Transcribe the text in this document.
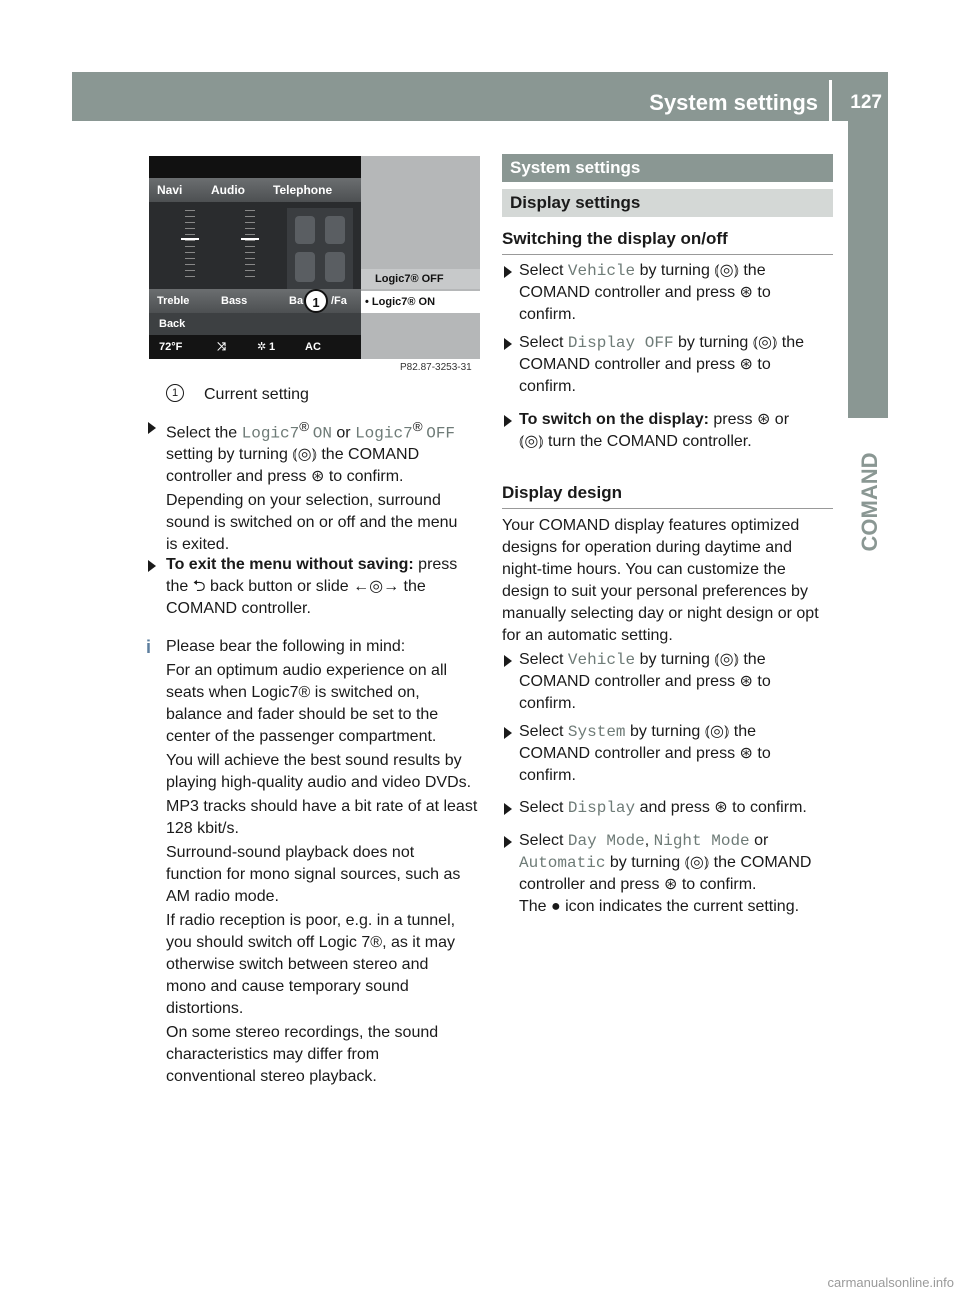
System settings 127
COMAND
Navi Audio Telephone
Logic7® OFF
• Logic7® ON
Treble	Bass	Ba	/Fa
Back
72°F	⤨	✲ 1	AC
1
P82.87-3253-31
1	Current setting
Select the Logic7® ON or Logic7® OFF
setting by turning ⦅◎⦆ the COMAND
controller and press ⊛ to confirm.
Depending on your selection, surround
sound is switched on or off and the menu
is exited.
To exit the menu without saving: press
the ⮌ back button or slide ←◎→ the
COMAND controller.
i Please bear the following in mind:
For an optimum audio experience on all
seats when Logic7® is switched on,
balance and fader should be set to the
center of the passenger compartment.
You will achieve the best sound results by
playing high-quality audio and video DVDs.
MP3 tracks should have a bit rate of at least
128 kbit/s.
Surround-sound playback does not
function for mono signal sources, such as
AM radio mode.
If radio reception is poor, e.g. in a tunnel,
you should switch off Logic 7®, as it may
otherwise switch between stereo and
mono and cause temporary sound
distortions.
On some stereo recordings, the sound
characteristics may differ from
conventional stereo playback.
System settings
Display settings
Switching the display on/off
Select Vehicle by turning ⦅◎⦆ the
COMAND controller and press ⊛ to
confirm.
Select Display OFF by turning ⦅◎⦆ the
COMAND controller and press ⊛ to
confirm.
To switch on the display: press ⊛ or
⦅◎⦆ turn the COMAND controller.
Display design
Your COMAND display features optimized
designs for operation during daytime and
night-time hours. You can customize the
design to suit your personal preferences by
manually selecting day or night design or opt
for an automatic setting.
Select Vehicle by turning ⦅◎⦆ the
COMAND controller and press ⊛ to
confirm.
Select System by turning ⦅◎⦆ the
COMAND controller and press ⊛ to
confirm.
Select Display and press ⊛ to confirm.
Select Day Mode, Night Mode or
Automatic by turning ⦅◎⦆ the COMAND
controller and press ⊛ to confirm.
The ● icon indicates the current setting.
carmanualsonline.info
